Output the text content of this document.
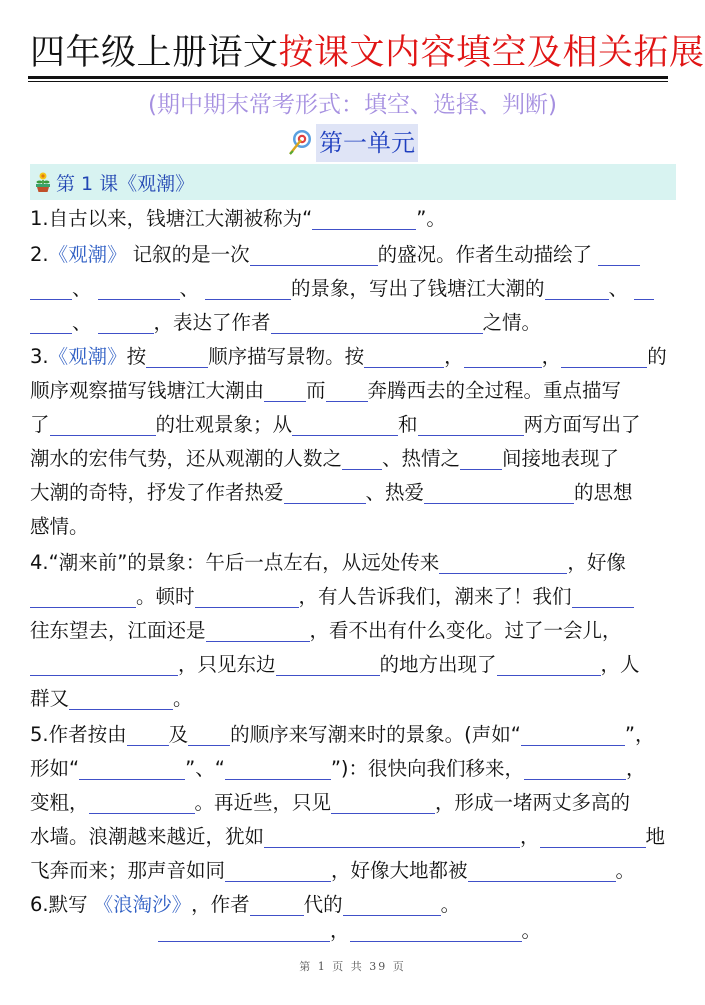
四年级上册语文按课文内容填空及相关拓展
(期中期末常考形式：填空、选择、判断)
第一单元
第 1 课《观潮》
1.自古以来，钱塘江大潮被称为“	”。
2. 《观潮》 记叙的是一次	的盛况。作者生动描绘了
、	、	的景象，写出了钱塘江大潮的	、
、	，表达了作者	之情。
3. 《观潮》 按	顺序描写景物。按	，	，	的
顺序观察描写钱塘江大潮由 而 奔腾西去的全过程。重点描写
了	的壮观景象；从	和	两方面写出了
潮水的宏伟气势，还从观潮的人数之 、热情之 间接地表现了
大潮的奇特，抒发了作者热爱	、热爱	的思想
感情。
4.“潮来前”的景象：午后一点左右，从远处传来	，好像
。顿时	，有人告诉我们，潮来了！我们
往东望去，江面还是	，看不出有什么变化。过了一会儿，
，只见东边	的地方出现了	，人
群又	。
5.作者按由 及 的顺序来写潮来时的景象。(声如“	”，
形如“	”、“	”)：很快向我们移来，	，
变粗，	。再近些，只见	，形成一堵两丈多高的
水墙。浪潮越来越近，犹如	，	地
飞奔而来；那声音如同	，好像大地都被	。
6.默写 《浪淘沙》 ，作者	代的	。
，	。
第 1 页 共 39 页
